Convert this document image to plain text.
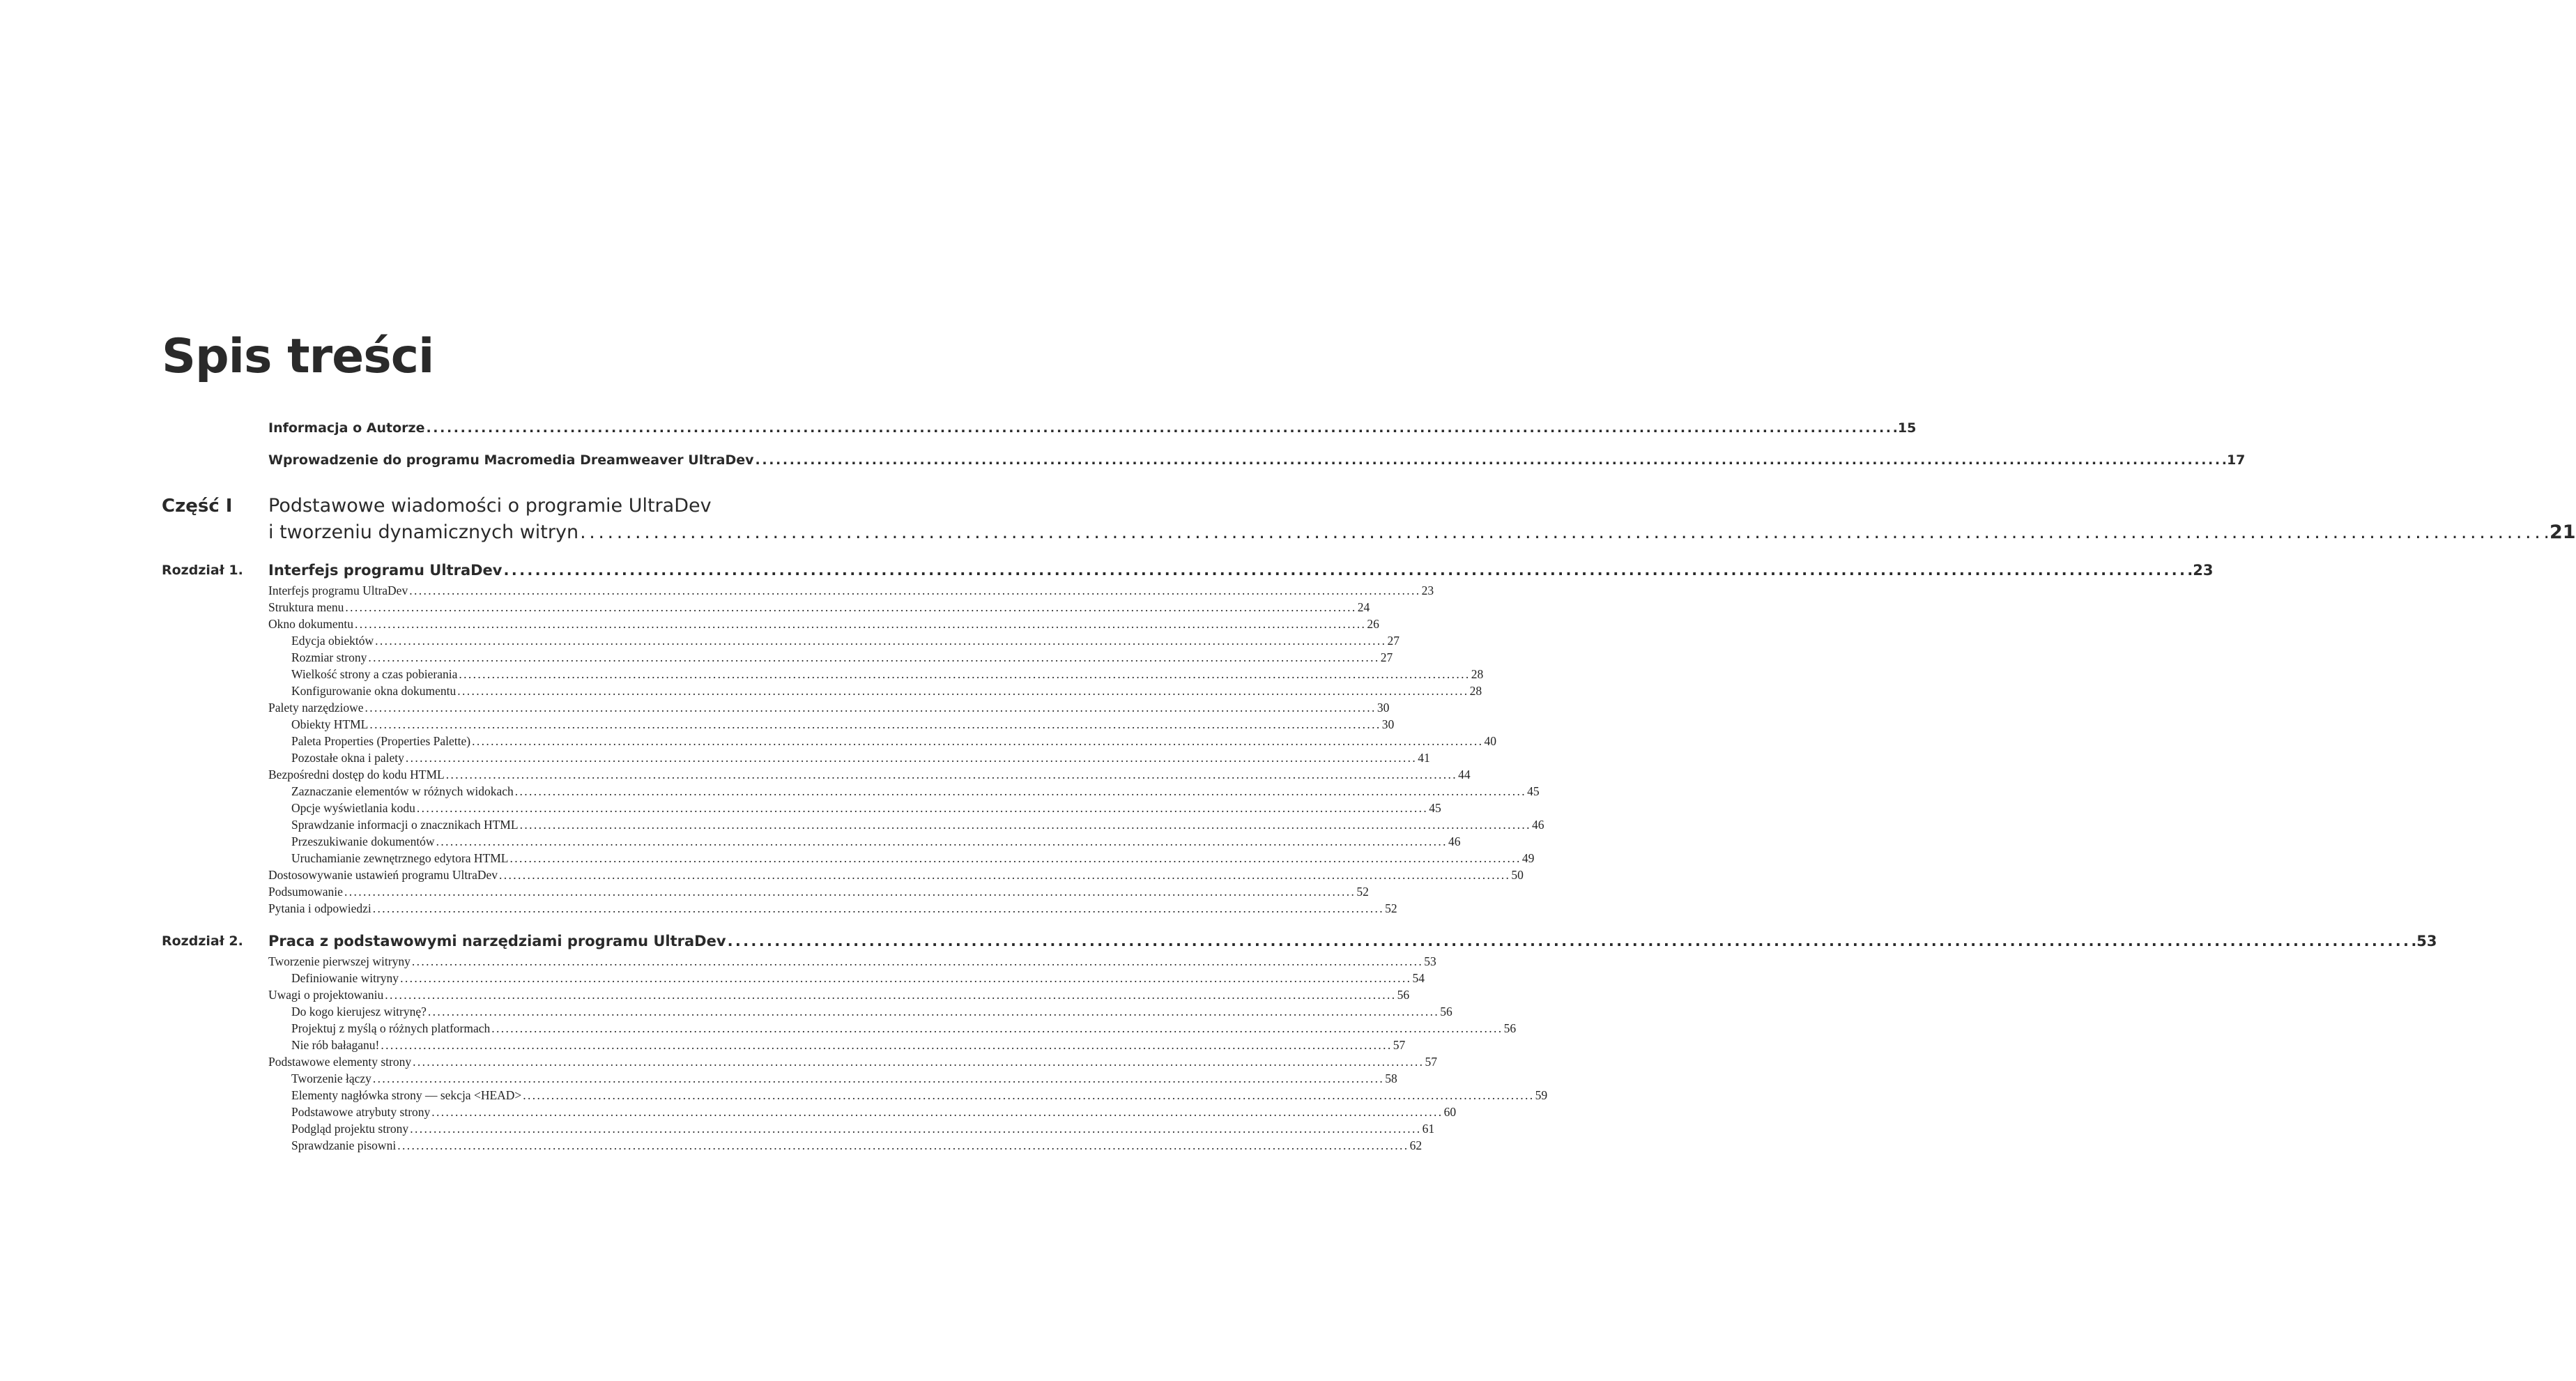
Spis treści
Informacja o Autorze . . .	15
Wprowadzenie do programu Macromedia Dreamweaver UltraDev . . .	17
Część I	Podstawowe wiadomości o programie UltraDev
i tworzeniu dynamicznych witryn . . .	21
Rozdział 1.	Interfejs programu UltraDev . . .	23
Interfejs programu UltraDev . . .	23
Struktura menu . . .	24
Okno dokumentu . . .	26
Edycja obiektów . . .	27
Rozmiar strony . . .	27
Wielkość strony a czas pobierania . . .	28
Konfigurowanie okna dokumentu . . .	28
Palety narzędziowe . . .	30
Obiekty HTML . . .	30
Paleta Properties (Properties Palette) . . .	40
Pozostałe okna i palety . . .	41
Bezpośredni dostęp do kodu HTML . . .	44
Zaznaczanie elementów w różnych widokach . . .	45
Opcje wyświetlania kodu . . .	45
Sprawdzanie informacji o znacznikach HTML . . .	46
Przeszukiwanie dokumentów . . .	46
Uruchamianie zewnętrznego edytora HTML . . .	49
Dostosowywanie ustawień programu UltraDev . . .	50
Podsumowanie . . .	52
Pytania i odpowiedzi . . .	52
Rozdział 2.	Praca z podstawowymi narzędziami programu UltraDev . . .	53
Tworzenie pierwszej witryny . . .	53
Definiowanie witryny . . .	54
Uwagi o projektowaniu . . .	56
Do kogo kierujesz witrynę? . . .	56
Projektuj z myślą o różnych platformach . . .	56
Nie rób bałaganu! . . .	57
Podstawowe elementy strony . . .	57
Tworzenie łączy . . .	58
Elementy nagłówka strony — sekcja <HEAD> . . .	59
Podstawowe atrybuty strony . . .	60
Podgląd projektu strony . . .	61
Sprawdzanie pisowni . . .	62
